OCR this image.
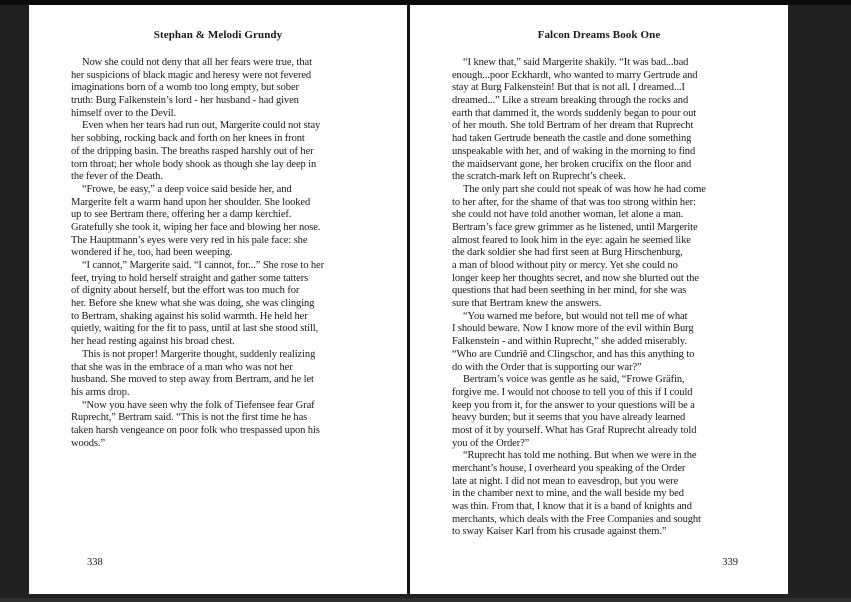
Stephan & Melodi Grundy
Now she could not deny that all her fears were true, that
her suspicions of black magic and heresy were not fevered
imaginations born of a womb too long empty, but sober
truth: Burg Falkenstein’s lord - her husband - had given
himself over to the Devil.
Even when her tears had run out, Margerite could not stay
her sobbing, rocking back and forth on her knees in front
of the dripping basin. The breaths rasped harshly out of her
torn throat; her whole body shook as though she lay deep in
the fever of the Death.
“Frowe, be easy,” a deep voice said beside her, and
Margerite felt a warm hand upon her shoulder. She looked
up to see Bertram there, offering her a damp kerchief.
Gratefully she took it, wiping her face and blowing her nose.
The Hauptmann’s eyes were very red in his pale face: she
wondered if he, too, had been weeping.
“I cannot,” Margerite said. “I cannot, for...” She rose to her
feet, trying to hold herself straight and gather some tatters
of dignity about herself, but the effort was too much for
her. Before she knew what she was doing, she was clinging
to Bertram, shaking against his solid warmth. He held her
quietly, waiting for the fit to pass, until at last she stood still,
her head resting against his broad chest.
This is not proper! Margerite thought, suddenly realizing
that she was in the embrace of a man who was not her
husband. She moved to step away from Bertram, and he let
his arms drop.
“Now you have seen why the folk of Tiefensee fear Graf
Ruprecht,” Bertram said. “This is not the first time he has
taken harsh vengeance on poor folk who trespassed upon his
woods.”
338
Falcon Dreams Book One
“I knew that,” said Margerite shakily. “It was bad...bad
enough...poor Eckhardt, who wanted to marry Gertrude and
stay at Burg Falkenstein! But that is not all. I dreamed...I
dreamed...” Like a stream breaking through the rocks and
earth that dammed it, the words suddenly began to pour out
of her mouth. She told Bertram of her dream that Ruprecht
had taken Gertrude beneath the castle and done something
unspeakable with her, and of waking in the morning to find
the maidservant gone, her broken crucifix on the floor and
the scratch-mark left on Ruprecht’s cheek.
The only part she could not speak of was how he had come
to her after, for the shame of that was too strong within her:
she could not have told another woman, let alone a man.
Bertram’s face grew grimmer as he listened, until Margerite
almost feared to look him in the eye: again he seemed like
the dark soldier she had first seen at Burg Hirschenburg,
a man of blood without pity or mercy. Yet she could no
longer keep her thoughts secret, and now she blurted out the
questions that had been seething in her mind, for she was
sure that Bertram knew the answers.
“You warned me before, but would not tell me of what
I should beware. Now I know more of the evil within Burg
Falkenstein - and within Ruprecht,” she added miserably.
“Who are Cundrîê and Clingschor, and has this anything to
do with the Order that is supporting our war?”
Bertram’s voice was gentle as he said, “Frowe Gräfin,
forgive me. I would not choose to tell you of this if I could
keep you from it, for the answer to your questions will be a
heavy burden; but it seems that you have already learned
most of it by yourself. What has Graf Ruprecht already told
you of the Order?”
“Ruprecht has told me nothing. But when we were in the
merchant’s house, I overheard you speaking of the Order
late at night. I did not mean to eavesdrop, but you were
in the chamber next to mine, and the wall beside my bed
was thin. From that, I know that it is a band of knights and
merchants, which deals with the Free Companies and sought
to sway Kaiser Karl from his crusade against them.”
339
